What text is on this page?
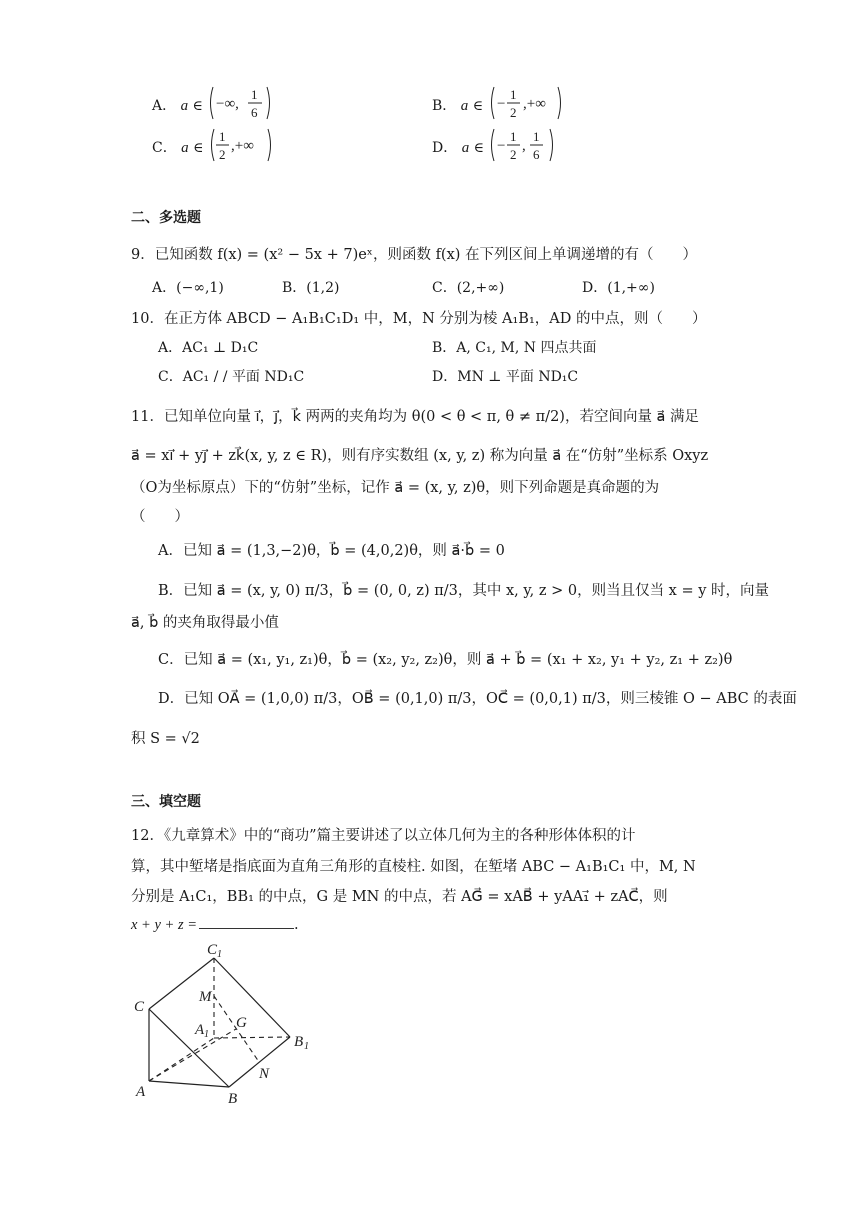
A． a ∈ −∞,
1
6	B． a ∈ −
1
2
,+∞
C． a ∈
1
2
,+∞	D． a ∈ −
1
2
,
1
6
二、多选题
9．已知函数 f(x) = (x² − 5x + 7)eˣ，则函数 f(x) 在下列区间上单调递增的有（　　）
A．(−∞,1)	B．(1,2)	C．(2,+∞)	D．(1,+∞)
10．在正方体 ABCD − A₁B₁C₁D₁ 中，M，N 分别为棱 A₁B₁，AD 的中点，则（　　）
A．AC₁ ⊥ D₁C	B．A, C₁, M, N 四点共面
C．AC₁ / / 平面 ND₁C	D．MN ⊥ 平面 ND₁C
11．已知单位向量 i⃗，j⃗，k⃗ 两两的夹角均为 θ(0 < θ < π, θ ≠ π/2)，若空间向量 a⃗ 满足
a⃗ = xi⃗ + yj⃗ + zk⃗(x, y, z ∈ R)，则有序实数组 (x, y, z) 称为向量 a⃗ 在“仿射”坐标系 Oxyz
（O为坐标原点）下的“仿射”坐标，记作 a⃗ = (x, y, z)θ，则下列命题是真命题的为
（　　）
A．已知 a⃗ = (1,3,−2)θ，b⃗ = (4,0,2)θ，则 a⃗·b⃗ = 0
B．已知 a⃗ = (x, y, 0) π/3，b⃗ = (0, 0, z) π/3，其中 x, y, z > 0，则当且仅当 x = y 时，向量
a⃗, b⃗ 的夹角取得最小值
C．已知 a⃗ = (x₁, y₁, z₁)θ，b⃗ = (x₂, y₂, z₂)θ，则 a⃗ + b⃗ = (x₁ + x₂, y₁ + y₂, z₁ + z₂)θ
D．已知 OA⃗ = (1,0,0) π/3，OB⃗ = (0,1,0) π/3，OC⃗ = (0,0,1) π/3，则三棱锥 O − ABC 的表面
积 S = √2
三、填空题
12．《九章算术》中的“商功”篇主要讲述了以立体几何为主的各种形体体积的计
算，其中堑堵是指底面为直角三角形的直棱柱. 如图，在堑堵 ABC − A₁B₁C₁ 中，M, N
分别是 A₁C₁，BB₁ 的中点，G 是 MN 的中点，若 AG⃗ = xAB⃗ + yAA₁⃗ + zAC⃗，则
x + y + z =	.
C 1
M
C
G
A 1	B 1
N
A	B
